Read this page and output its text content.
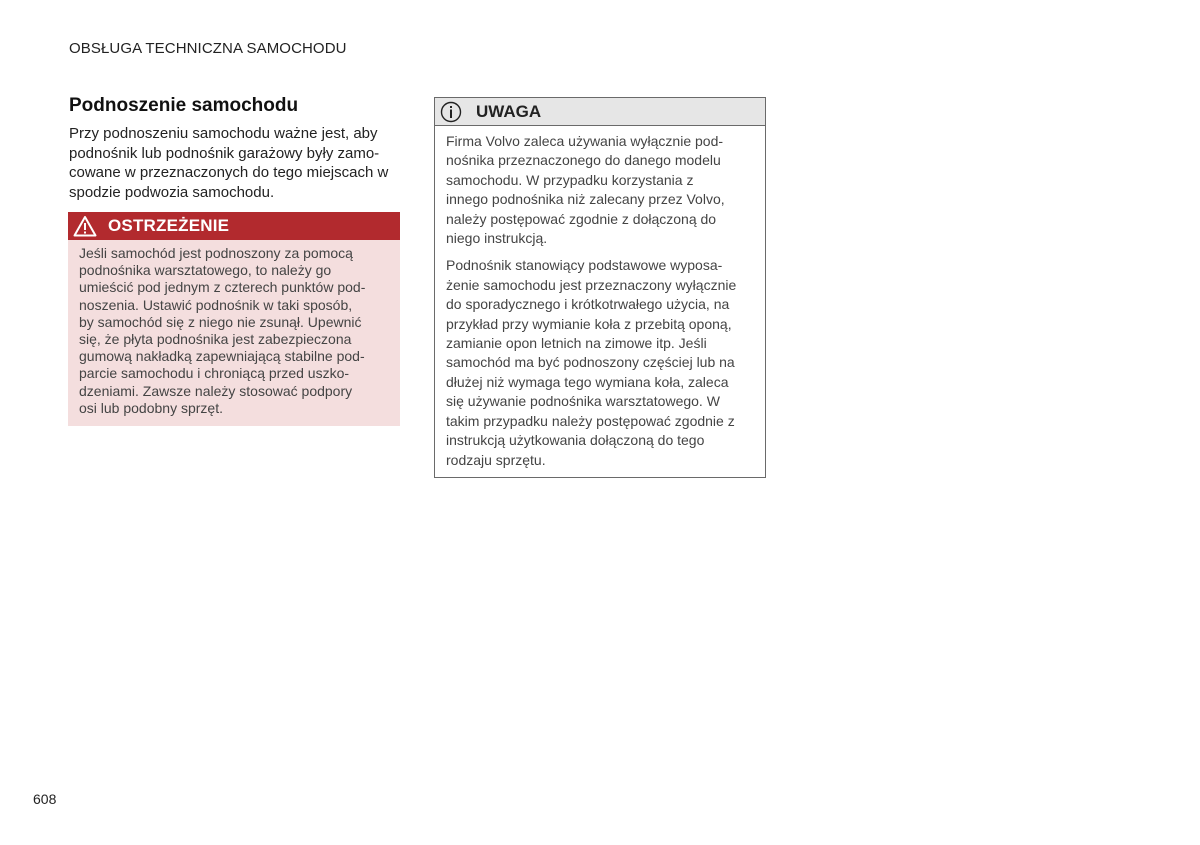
OBSŁUGA TECHNICZNA SAMOCHODU
Podnoszenie samochodu

Przy podnoszeniu samochodu ważne jest, aby
podnośnik lub podnośnik garażowy były zamo-
cowane w przeznaczonych do tego miejscach w
spodzie podwozia samochodu.

OSTRZEŻENIE
Jeśli samochód jest podnoszony za pomocą
podnośnika warsztatowego, to należy go
umieścić pod jednym z czterech punktów pod-
noszenia. Ustawić podnośnik w taki sposób,
by samochód się z niego nie zsunął. Upewnić
się, że płyta podnośnika jest zabezpieczona
gumową nakładką zapewniającą stabilne pod-
parcie samochodu i chroniącą przed uszko-
dzeniami. Zawsze należy stosować podpory
osi lub podobny sprzęt.
UWAGA

Firma Volvo zaleca używania wyłącznie pod-
nośnika przeznaczonego do danego modelu
samochodu. W przypadku korzystania z
innego podnośnika niż zalecany przez Volvo,
należy postępować zgodnie z dołączoną do
niego instrukcją.

Podnośnik stanowiący podstawowe wyposa-
żenie samochodu jest przeznaczony wyłącznie
do sporadycznego i krótkotrwałego użycia, na
przykład przy wymianie koła z przebitą oponą,
zamianie opon letnich na zimowe itp. Jeśli
samochód ma być podnoszony częściej lub na
dłużej niż wymaga tego wymiana koła, zaleca
się używanie podnośnika warsztatowego. W
takim przypadku należy postępować zgodnie z
instrukcją użytkowania dołączoną do tego
rodzaju sprzętu.

608
